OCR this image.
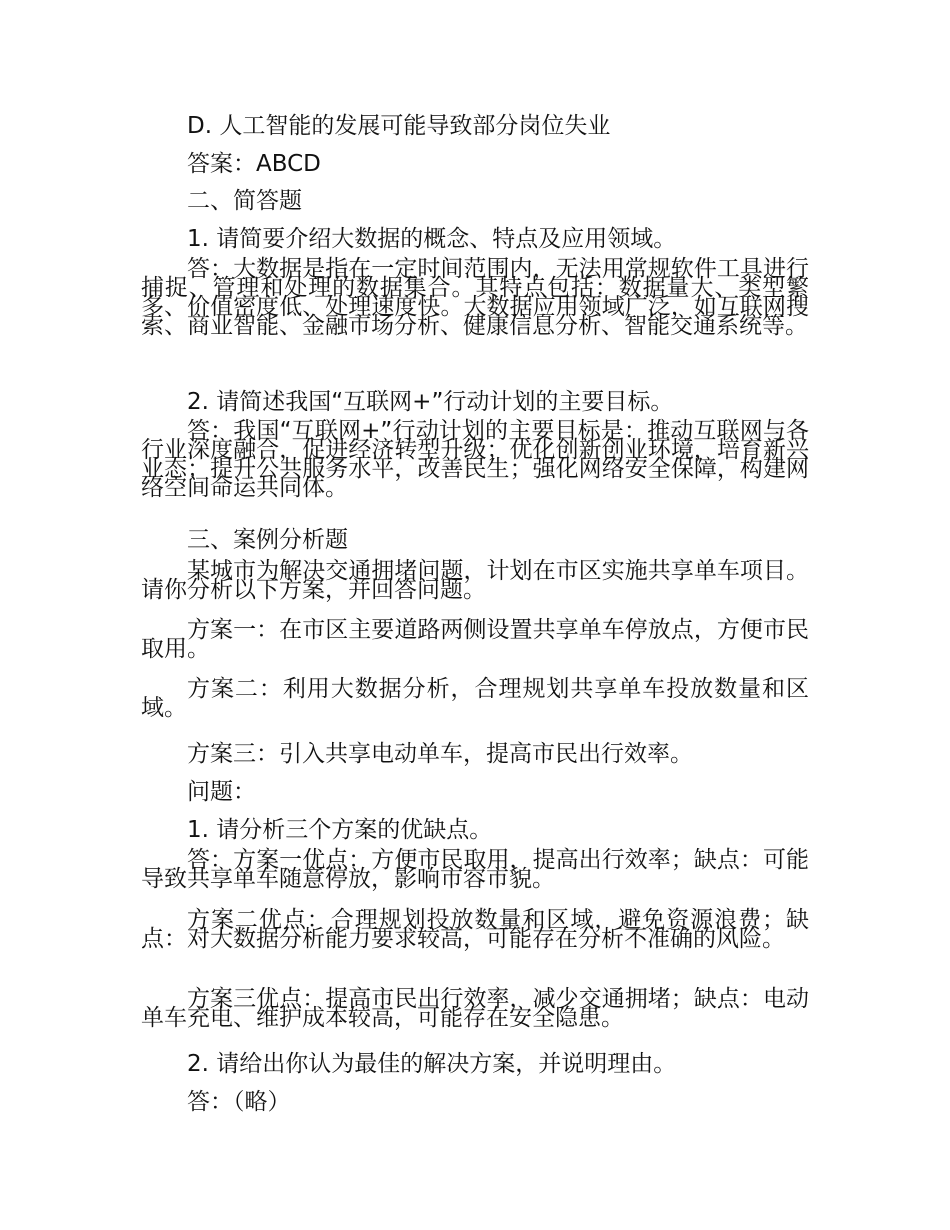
D. 人工智能的发展可能导致部分岗位失业

答案：ABCD

二、简答题

1. 请简要介绍大数据的概念、特点及应用领域。

答：大数据是指在一定时间范围内，无法用常规软件工具进行捕捉、管理和处理的数据集合。其特点包括：数据量大、类型繁多、价值密度低、处理速度快。大数据应用领域广泛，如互联网搜索、商业智能、金融市场分析、健康信息分析、智能交通系统等。

2. 请简述我国“互联网+”行动计划的主要目标。

答：我国“互联网+”行动计划的主要目标是：推动互联网与各行业深度融合，促进经济转型升级；优化创新创业环境，培育新兴业态；提升公共服务水平，改善民生；强化网络安全保障，构建网络空间命运共同体。

三、案例分析题

某城市为解决交通拥堵问题，计划在市区实施共享单车项目。请你分析以下方案，并回答问题。

方案一：在市区主要道路两侧设置共享单车停放点，方便市民取用。

方案二：利用大数据分析，合理规划共享单车投放数量和区域。

方案三：引入共享电动单车，提高市民出行效率。

问题：

1. 请分析三个方案的优缺点。

答：方案一优点：方便市民取用，提高出行效率；缺点：可能导致共享单车随意停放，影响市容市貌。

方案二优点：合理规划投放数量和区域，避免资源浪费；缺点：对大数据分析能力要求较高，可能存在分析不准确的风险。

方案三优点：提高市民出行效率，减少交通拥堵；缺点：电动单车充电、维护成本较高，可能存在安全隐患。

2. 请给出你认为最佳的解决方案，并说明理由。

答：（略）
